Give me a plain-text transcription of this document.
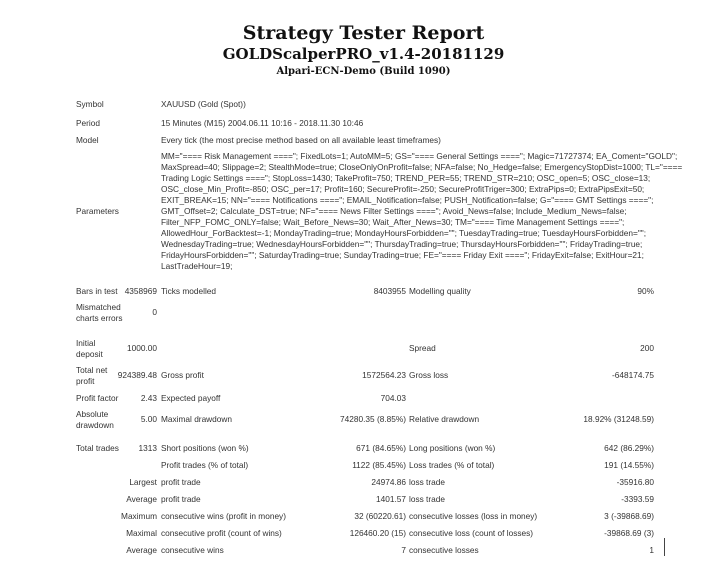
Strategy Tester Report
GOLDScalperPRO_v1.4-20181129
Alpari-ECN-Demo (Build 1090)
Symbol	XAUUSD (Gold (Spot))
Period	15 Minutes (M15) 2004.06.11 10:16 - 2018.11.30 10:46
Model	Every tick (the most precise method based on all available least timeframes)
Parameters
MM="==== Risk Management ===="; FixedLots=1; AutoMM=5; GS="==== General Settings ===="; Magic=71727374; EA_Coment="GOLD";
MaxSpread=40; Slippage=2; StealthMode=true; CloseOnlyOnProfit=false; NFA=false; No_Hedge=false; EmergencyStopDist=1000; TL="====
Trading Logic Settings ===="; StopLoss=1430; TakeProfit=750; TREND_PER=55; TREND_STR=210; OSC_open=5; OSC_close=13;
OSC_close_Min_Profit=-850; OSC_per=17; Profit=160; SecureProfit=-250; SecureProfitTriger=300; ExtraPips=0; ExtraPipsExit=50;
EXIT_BREAK=15; NN="==== Notifications ===="; EMAIL_Notification=false; PUSH_Notification=false; G="==== GMT Settings ====";
GMT_Offset=2; Calculate_DST=true; NF="==== News Filter Settings ===="; Avoid_News=false; Include_Medium_News=false;
Filter_NFP_FOMC_ONLY=false; Wait_Before_News=30; Wait_After_News=30; TM="==== Time Management Settings ====";
AllowedHour_ForBacktest=-1; MondayTrading=true; MondayHoursForbidden=""; TuesdayTrading=true; TuesdayHoursForbidden="";
WednesdayTrading=true; WednesdayHoursForbidden=""; ThursdayTrading=true; ThursdayHoursForbidden=""; FridayTrading=true;
FridayHoursForbidden=""; SaturdayTrading=true; SundayTrading=true; FE="==== Friday Exit ===="; FridayExit=false; ExitHour=21;
LastTradeHour=19;
Bars in test 4358969 Ticks modelled	8403955 Modelling quality	90%
Mismatched
charts errors
0
Initial
deposit
1000.00	Spread	200
Total net
profit
924389.48 Gross profit	1572564.23 Gross loss	-648174.75
Profit factor	2.43 Expected payoff	704.03
Absolute
drawdown
5.00 Maximal drawdown	74280.35 (8.85%) Relative drawdown	18.92% (31248.59)
Total trades	1313 Short positions (won %)	671 (84.65%) Long positions (won %)	642 (86.29%)
Profit trades (% of total)	1122 (85.45%) Loss trades (% of total)	191 (14.55%)
Largest profit trade	24974.86 loss trade	-35916.80
Average profit trade	1401.57 loss trade	-3393.59
Maximum consecutive wins (profit in money)	32 (60220.61) consecutive losses (loss in money)	3 (-39868.69)
Maximal consecutive profit (count of wins)	126460.20 (15) consecutive loss (count of losses)	-39868.69 (3)
Average consecutive wins	7 consecutive losses	1
